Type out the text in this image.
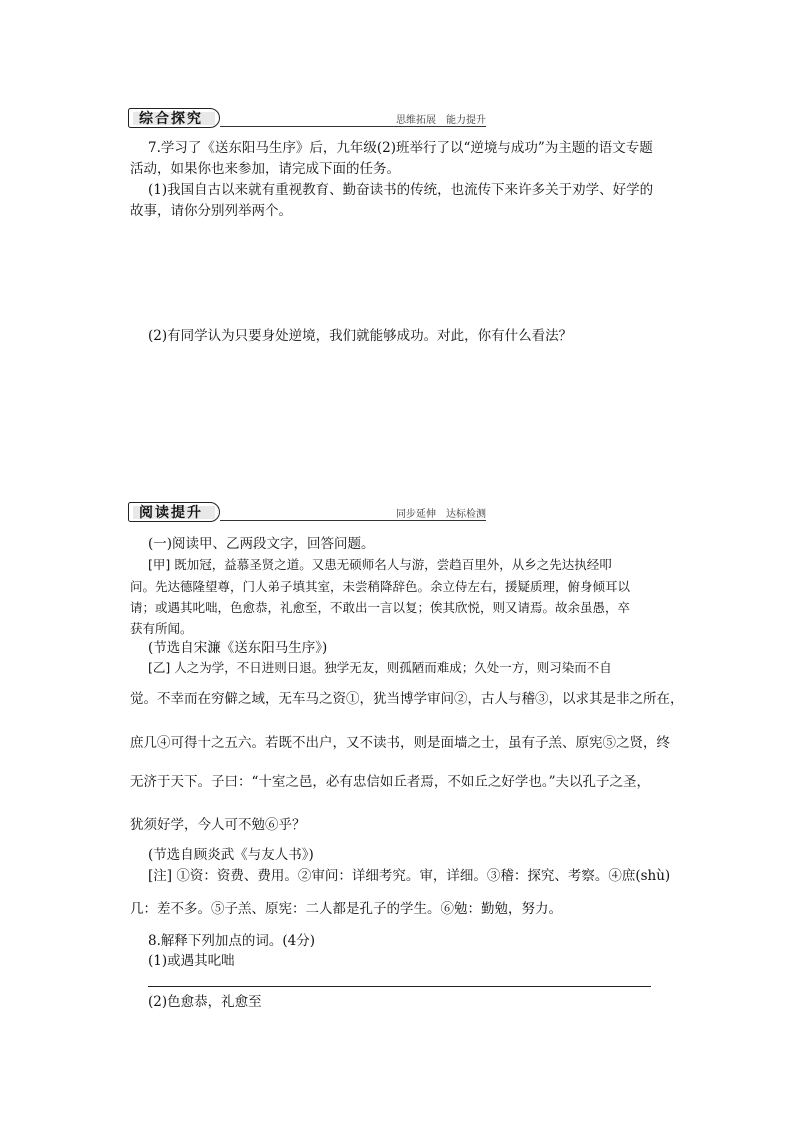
综合探究	思维拓展 能力提升
7.学习了《送东阳马生序》后，九年级(2)班举行了以“逆境与成功”为主题的语文专题
活动，如果你也来参加，请完成下面的任务。
(1)我国自古以来就有重视教育、勤奋读书的传统，也流传下来许多关于劝学、好学的
故事，请你分别列举两个。
(2)有同学认为只要身处逆境，我们就能够成功。对此，你有什么看法？
阅读提升	同步延伸 达标检测
(一)阅读甲、乙两段文字，回答问题。
[甲] 既加冠，益慕圣贤之道。又患无硕师名人与游，尝趋百里外，从乡之先达执经叩
问。先达德隆望尊，门人弟子填其室，未尝稍降辞色。余立侍左右，援疑质理，俯身倾耳以
请；或遇其叱咄，色愈恭，礼愈至，不敢出一言以复；俟其欣悦，则又请焉。故余虽愚，卒
获有所闻。
(节选自宋濂《送东阳马生序》)
[乙] 人之为学，不日进则日退。独学无友，则孤陋而难成；久处一方，则习染而不自
觉。不幸而在穷僻之域，无车马之资①，犹当博学审问②，古人与稽③，以求其是非之所在，
庶几④可得十之五六。若既不出户，又不读书，则是面墙之士，虽有子羔、原宪⑤之贤，终
无济于天下。子曰：“十室之邑，必有忠信如丘者焉，不如丘之好学也。”夫以孔子之圣，
犹须好学，今人可不勉⑥乎？
(节选自顾炎武《与友人书》)
[注] ①资：资费、费用。②审问：详细考究。审，详细。③稽：探究、考察。④庶(shù)
几：差不多。⑤子羔、原宪：二人都是孔子的学生。⑥勉：勤勉，努力。
8.解释下列加点的词。(4分)
(1)或遇其叱咄
(2)色愈恭，礼愈至
